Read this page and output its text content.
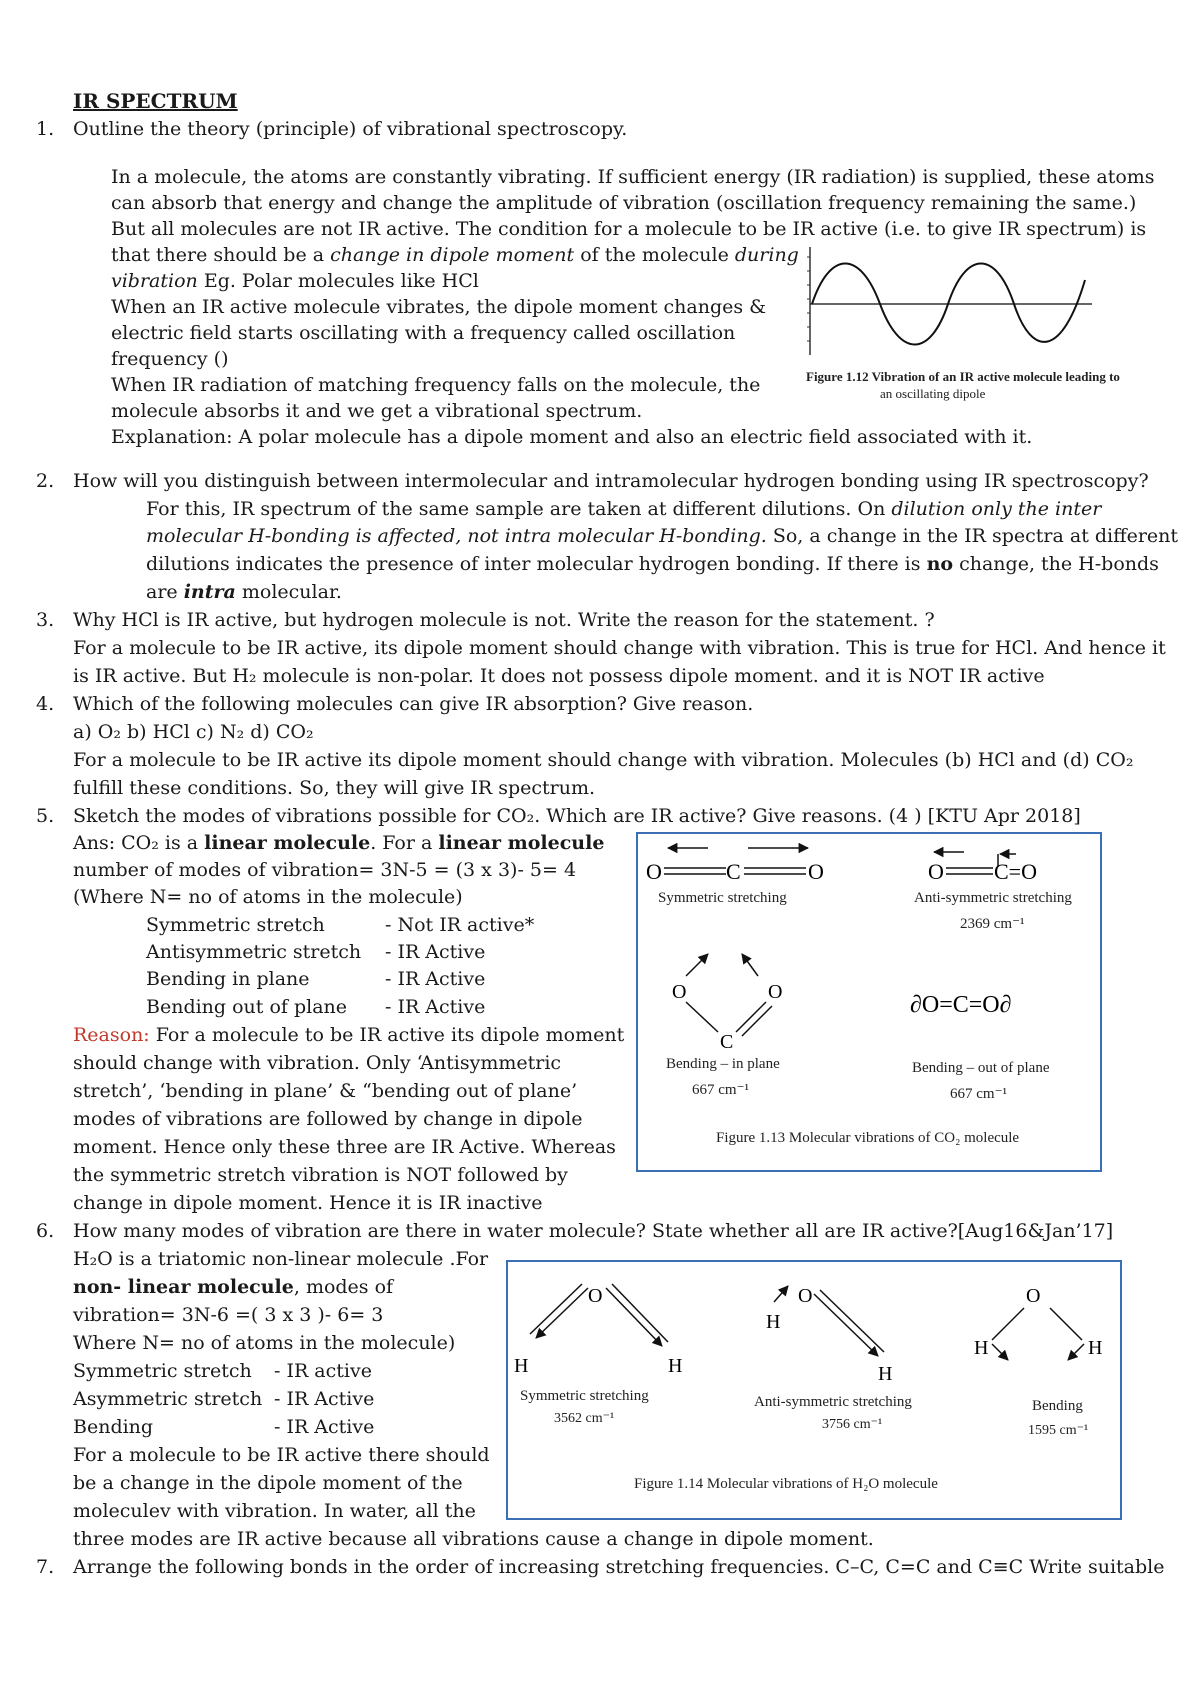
IR SPECTRUM
1. Outline the theory (principle) of vibrational spectroscopy.
In a molecule, the atoms are constantly vibrating. If sufficient energy (IR radiation) is supplied, these atoms
can absorb that energy and change the amplitude of vibration (oscillation frequency remaining the same.)
But all molecules are not IR active. The condition for a molecule to be IR active (i.e. to give IR spectrum) is
that there should be a change in dipole moment of the molecule during
vibration Eg. Polar molecules like HCl
When an IR active molecule vibrates, the dipole moment changes &
electric field starts oscillating with a frequency called oscillation
frequency ()
When IR radiation of matching frequency falls on the molecule, the
molecule absorbs it and we get a vibrational spectrum.
Explanation: A polar molecule has a dipole moment and also an electric field associated with it.
Figure 1.12 Vibration of an IR active molecule leading to
an oscillating dipole
2. How will you distinguish between intermolecular and intramolecular hydrogen bonding using IR spectroscopy?
For this, IR spectrum of the same sample are taken at different dilutions. On dilution only the inter
molecular H-bonding is affected, not intra molecular H-bonding. So, a change in the IR spectra at different
dilutions indicates the presence of inter molecular hydrogen bonding. If there is no change, the H-bonds
are intra molecular.
3. Why HCl is IR active, but hydrogen molecule is not. Write the reason for the statement. ?
For a molecule to be IR active, its dipole moment should change with vibration. This is true for HCl. And hence it
is IR active. But H₂ molecule is non-polar. It does not possess dipole moment. and it is NOT IR active
4. Which of the following molecules can give IR absorption? Give reason.
a) O₂ b) HCl c) N₂ d) CO₂
For a molecule to be IR active its dipole moment should change with vibration. Molecules (b) HCl and (d) CO₂
fulfill these conditions. So, they will give IR spectrum.
5. Sketch the modes of vibrations possible for CO₂. Which are IR active? Give reasons. (4 ) [KTU Apr 2018]
Ans: CO₂ is a linear molecule. For a linear molecule
number of modes of vibration= 3N-5 = (3 x 3)- 5= 4
(Where N= no of atoms in the molecule)
Symmetric stretch	- Not IR active*
Antisymmetric stretch - IR Active
Bending in plane	- IR Active
Bending out of plane - IR Active
Reason: For a molecule to be IR active its dipole moment
should change with vibration. Only ‘Antisymmetric
stretch’, ‘bending in plane’ & “bending out of plane’
modes of vibrations are followed by change in dipole
moment. Hence only these three are IR Active. Whereas
the symmetric stretch vibration is NOT followed by
change in dipole moment. Hence it is IR inactive
O	C	O	O C=O
O	O
C
∂O=C=O∂
Symmetric stretching	Anti-symmetric stretching
2369 cm⁻¹
Bending – in plane
667 cm⁻¹
Bending – out of plane
667 cm⁻¹
Figure 1.13 Molecular vibrations of CO₂ molecule
6. How many modes of vibration are there in water molecule? State whether all are IR active?[Aug16&Jan’17]
H₂O is a triatomic non-linear molecule .For
non- linear molecule, modes of
vibration= 3N-6 =( 3 x 3 )- 6= 3
Where N= no of atoms in the molecule)
Symmetric stretch - IR active
Asymmetric stretch - IR Active
Bending	- IR Active
For a molecule to be IR active there should
be a change in the dipole moment of the
moleculev with vibration. In water, all the
three modes are IR active because all vibrations cause a change in dipole moment.
O
H	H
O
H
H
O
H	H
Symmetric stretching
3562 cm⁻¹
Anti-symmetric stretching
3756 cm⁻¹
Bending
1595 cm⁻¹
Figure 1.14 Molecular vibrations of H₂O molecule
7. Arrange the following bonds in the order of increasing stretching frequencies. C–C, C=C and C≡C Write suitable
